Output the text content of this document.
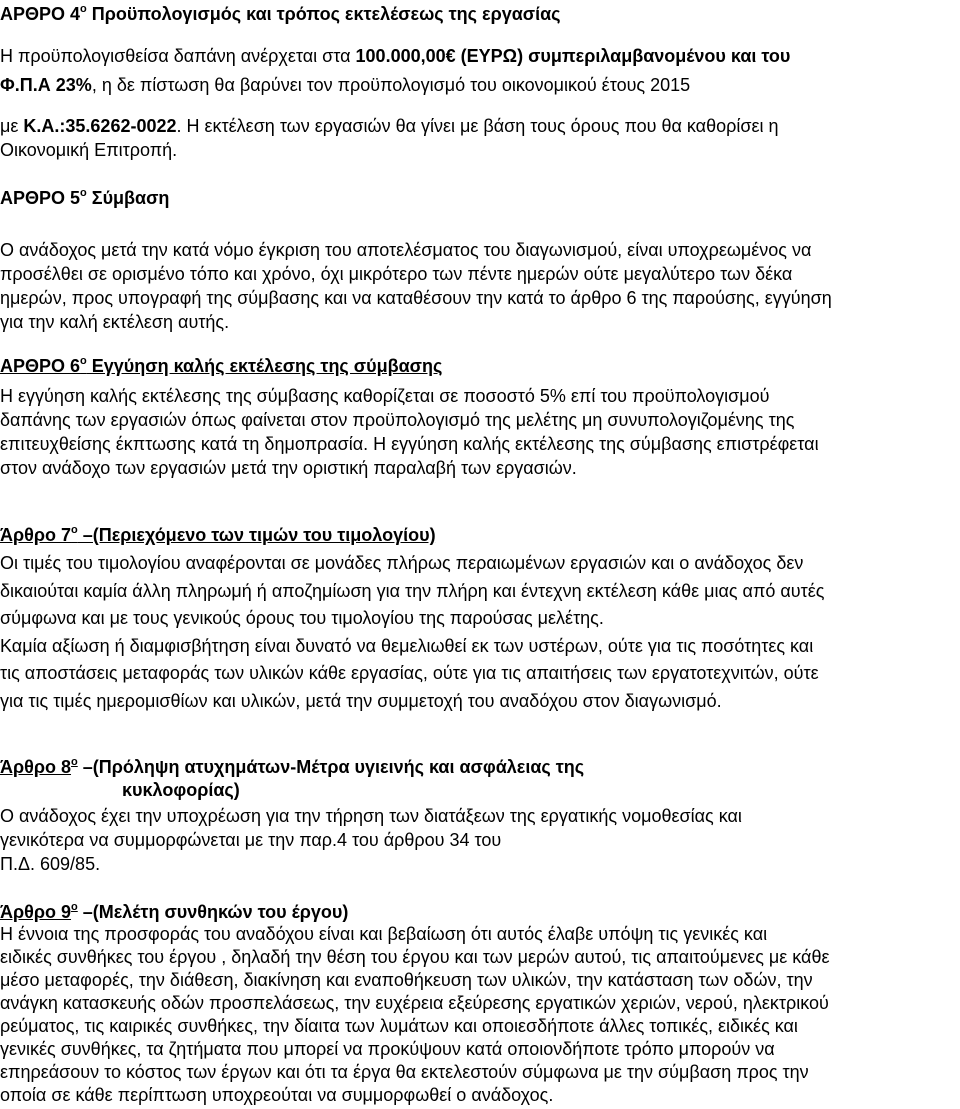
ΑΡΘΡΟ $4^o$ Προϋπολογισμός και τρόπος εκτελέσεως της εργασίας
Η προϋπολογισθείσα δαπάνη ανέρχεται στα 100.000,00€ (ΕΥΡΩ) συμπεριλαμβανομένου και του
Φ.Π.Α 23%, η δε πίστωση θα βαρύνει τον προϋπολογισμό του οικονομικού έτους 2015
με Κ.Α.:35.6262-0022. Η εκτέλεση των εργασιών θα γίνει με βάση τους όρους που θα καθορίσει η
Οικονομική Επιτροπή.
ΑΡΘΡΟ $5^o$ Σύμβαση
Ο ανάδοχος μετά την κατά νόμο έγκριση του αποτελέσματος του διαγωνισμού, είναι υποχρεωμένος να
προσέλθει σε ορισμένο τόπο και χρόνο, όχι μικρότερο των πέντε ημερών ούτε μεγαλύτερο των δέκα
ημερών, προς υπογραφή της σύμβασης και να καταθέσουν την κατά το άρθρο 6 της παρούσης, εγγύηση
για την καλή εκτέλεση αυτής.
ΑΡΘΡΟ $6^o$ Εγγύηση καλής εκτέλεσης της σύμβασης
Η εγγύηση καλής εκτέλεσης της σύμβασης καθορίζεται σε ποσοστό 5% επί του προϋπολογισμού
δαπάνης των εργασιών όπως φαίνεται στον προϋπολογισμό της μελέτης μη συνυπολογιζομένης της
επιτευχθείσης έκπτωσης κατά τη δημοπρασία. Η εγγύηση καλής εκτέλεσης της σύμβασης επιστρέφεται
στον ανάδοχο των εργασιών μετά την οριστική παραλαβή των εργασιών.
Άρθρο $7^o$ –(Περιεχόμενο των τιμών του τιμολογίου)
Οι τιμές του τιμολογίου αναφέρονται σε μονάδες πλήρως περαιωμένων εργασιών και ο ανάδοχος δεν
δικαιούται καμία άλλη πληρωμή ή αποζημίωση για την πλήρη και έντεχνη εκτέλεση κάθε μιας από αυτές
σύμφωνα και με τους γενικούς όρους του τιμολογίου της παρούσας μελέτης.
Καμία αξίωση ή διαμφισβήτηση είναι δυνατό να θεμελιωθεί εκ των υστέρων, ούτε για τις ποσότητες και
τις αποστάσεις μεταφοράς των υλικών κάθε εργασίας, ούτε για τις απαιτήσεις των εργατοτεχνιτών, ούτε
για τις τιμές ημερομισθίων και υλικών, μετά την συμμετοχή του αναδόχου στον διαγωνισμό.
Άρθρο $8^o$ –(Πρόληψη ατυχημάτων-Μέτρα υγιεινής και ασφάλειας της
κυκλοφορίας)
Ο ανάδοχος έχει την υποχρέωση για την τήρηση των διατάξεων της εργατικής νομοθεσίας και
γενικότερα να συμμορφώνεται με την παρ.4 του άρθρου 34 του
Π.Δ. 609/85.
Άρθρο $9^o$ –(Μελέτη συνθηκών του έργου)
Η έννοια της προσφοράς του αναδόχου είναι και βεβαίωση ότι αυτός έλαβε υπόψη τις γενικές και
ειδικές συνθήκες του έργου , δηλαδή την θέση του έργου και των μερών αυτού, τις απαιτούμενες με κάθε
μέσο μεταφορές, την διάθεση, διακίνηση και εναποθήκευση των υλικών, την κατάσταση των οδών, την
ανάγκη κατασκευής οδών προσπελάσεως, την ευχέρεια εξεύρεσης εργατικών χεριών, νερού, ηλεκτρικού
ρεύματος, τις καιρικές συνθήκες, την δίαιτα των λυμάτων και οποιεσδήποτε άλλες τοπικές, ειδικές και
γενικές συνθήκες, τα ζητήματα που μπορεί να προκύψουν κατά οποιονδήποτε τρόπο μπορούν να
επηρεάσουν το κόστος των έργων και ότι τα έργα θα εκτελεστούν σύμφωνα με την σύμβαση προς την
οποία σε κάθε περίπτωση υποχρεούται να συμμορφωθεί ο ανάδοχος.
